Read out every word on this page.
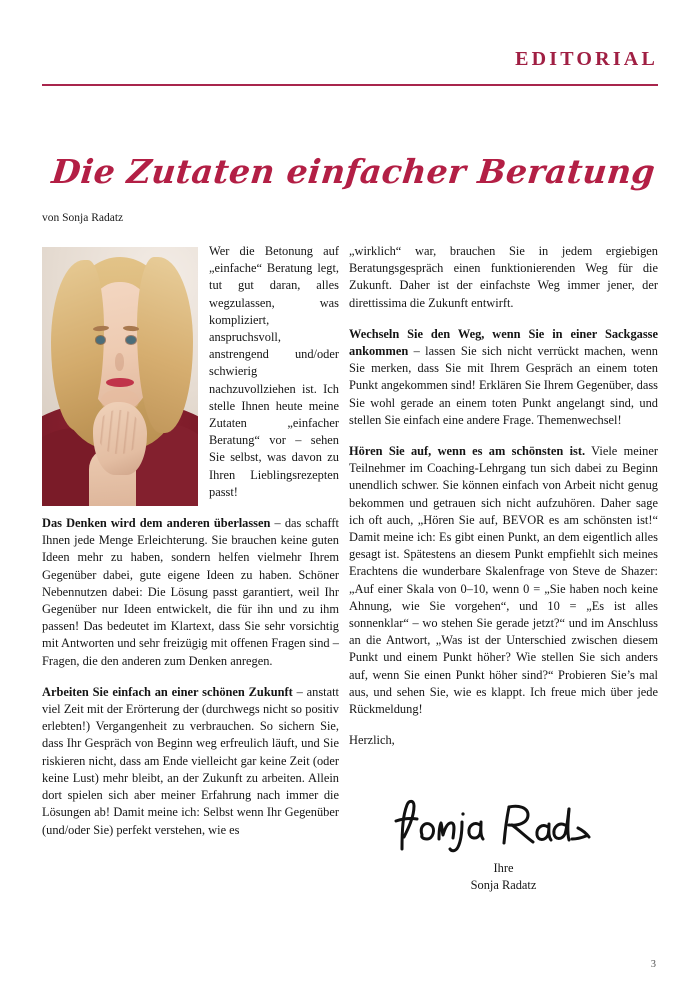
EDITORIAL
Die Zutaten einfacher Beratung
von Sonja Radatz

Wer die Betonung auf „einfache“ Beratung legt, tut gut daran, alles wegzulassen, was kompliziert, anspruchsvoll, anstrengend und/oder schwierig nachzuvollziehen ist. Ich stelle Ihnen heute meine Zutaten „einfacher Beratung“ vor – sehen Sie selbst, was davon zu Ihren Lieblingsrezepten passt!

Das Denken wird dem anderen überlassen – das schafft Ihnen jede Menge Erleichterung. Sie brauchen keine guten Ideen mehr zu haben, sondern helfen vielmehr Ihrem Gegenüber dabei, gute eigene Ideen zu haben. Schöner Nebennutzen dabei: Die Lösung passt garantiert, weil Ihr Gegenüber nur Ideen entwickelt, die für ihn und zu ihm passen! Das bedeutet im Klartext, dass Sie sehr vorsichtig mit Antworten und sehr freizügig mit offenen Fragen sind – Fragen, die den anderen zum Denken anregen.

Arbeiten Sie einfach an einer schönen Zukunft – anstatt viel Zeit mit der Erörterung der (durchwegs nicht so positiv erlebten!) Vergangenheit zu verbrauchen. So sichern Sie, dass Ihr Gespräch von Beginn weg erfreulich läuft, und Sie riskieren nicht, dass am Ende vielleicht gar keine Zeit (oder keine Lust) mehr bleibt, an der Zukunft zu arbeiten. Allein dort spielen sich aber meiner Erfahrung nach immer die Lösungen ab! Damit meine ich: Selbst wenn Ihr Gegenüber (und/oder Sie) perfekt verstehen, wie es

„wirklich“ war, brauchen Sie in jedem ergiebigen Beratungsgespräch einen funktionierenden Weg für die Zukunft. Daher ist der einfachste Weg immer jener, der direttissima die Zukunft entwirft.

Wechseln Sie den Weg, wenn Sie in einer Sackgasse ankommen – lassen Sie sich nicht verrückt machen, wenn Sie merken, dass Sie mit Ihrem Gespräch an einem toten Punkt angekommen sind! Erklären Sie Ihrem Gegenüber, dass Sie wohl gerade an einem toten Punkt angelangt sind, und stellen Sie einfach eine andere Frage. Themenwechsel!

Hören Sie auf, wenn es am schönsten ist. Viele meiner Teilnehmer im Coaching-Lehrgang tun sich dabei zu Beginn unendlich schwer. Sie können einfach von Arbeit nicht genug bekommen und getrauen sich nicht aufzuhören. Daher sage ich oft auch, „Hören Sie auf, BEVOR es am schönsten ist!“ Damit meine ich: Es gibt einen Punkt, an dem eigentlich alles gesagt ist. Spätestens an diesem Punkt empfiehlt sich meines Erachtens die wunderbare Skalenfrage von Steve de Shazer: „Auf einer Skala von 0–10, wenn 0 = „Sie haben noch keine Ahnung, wie Sie vorgehen“, und 10 = „Es ist alles sonnenklar“ – wo stehen Sie gerade jetzt?“ und im Anschluss an die Antwort, „Was ist der Unterschied zwischen diesem Punkt und einem Punkt höher? Wie stellen Sie sich anders auf, wenn Sie einen Punkt höher sind?“ Probieren Sie’s mal aus, und sehen Sie, wie es klappt. Ich freue mich über jede Rückmeldung!

Herzlich,

Ihre
Sonja Radatz
3
